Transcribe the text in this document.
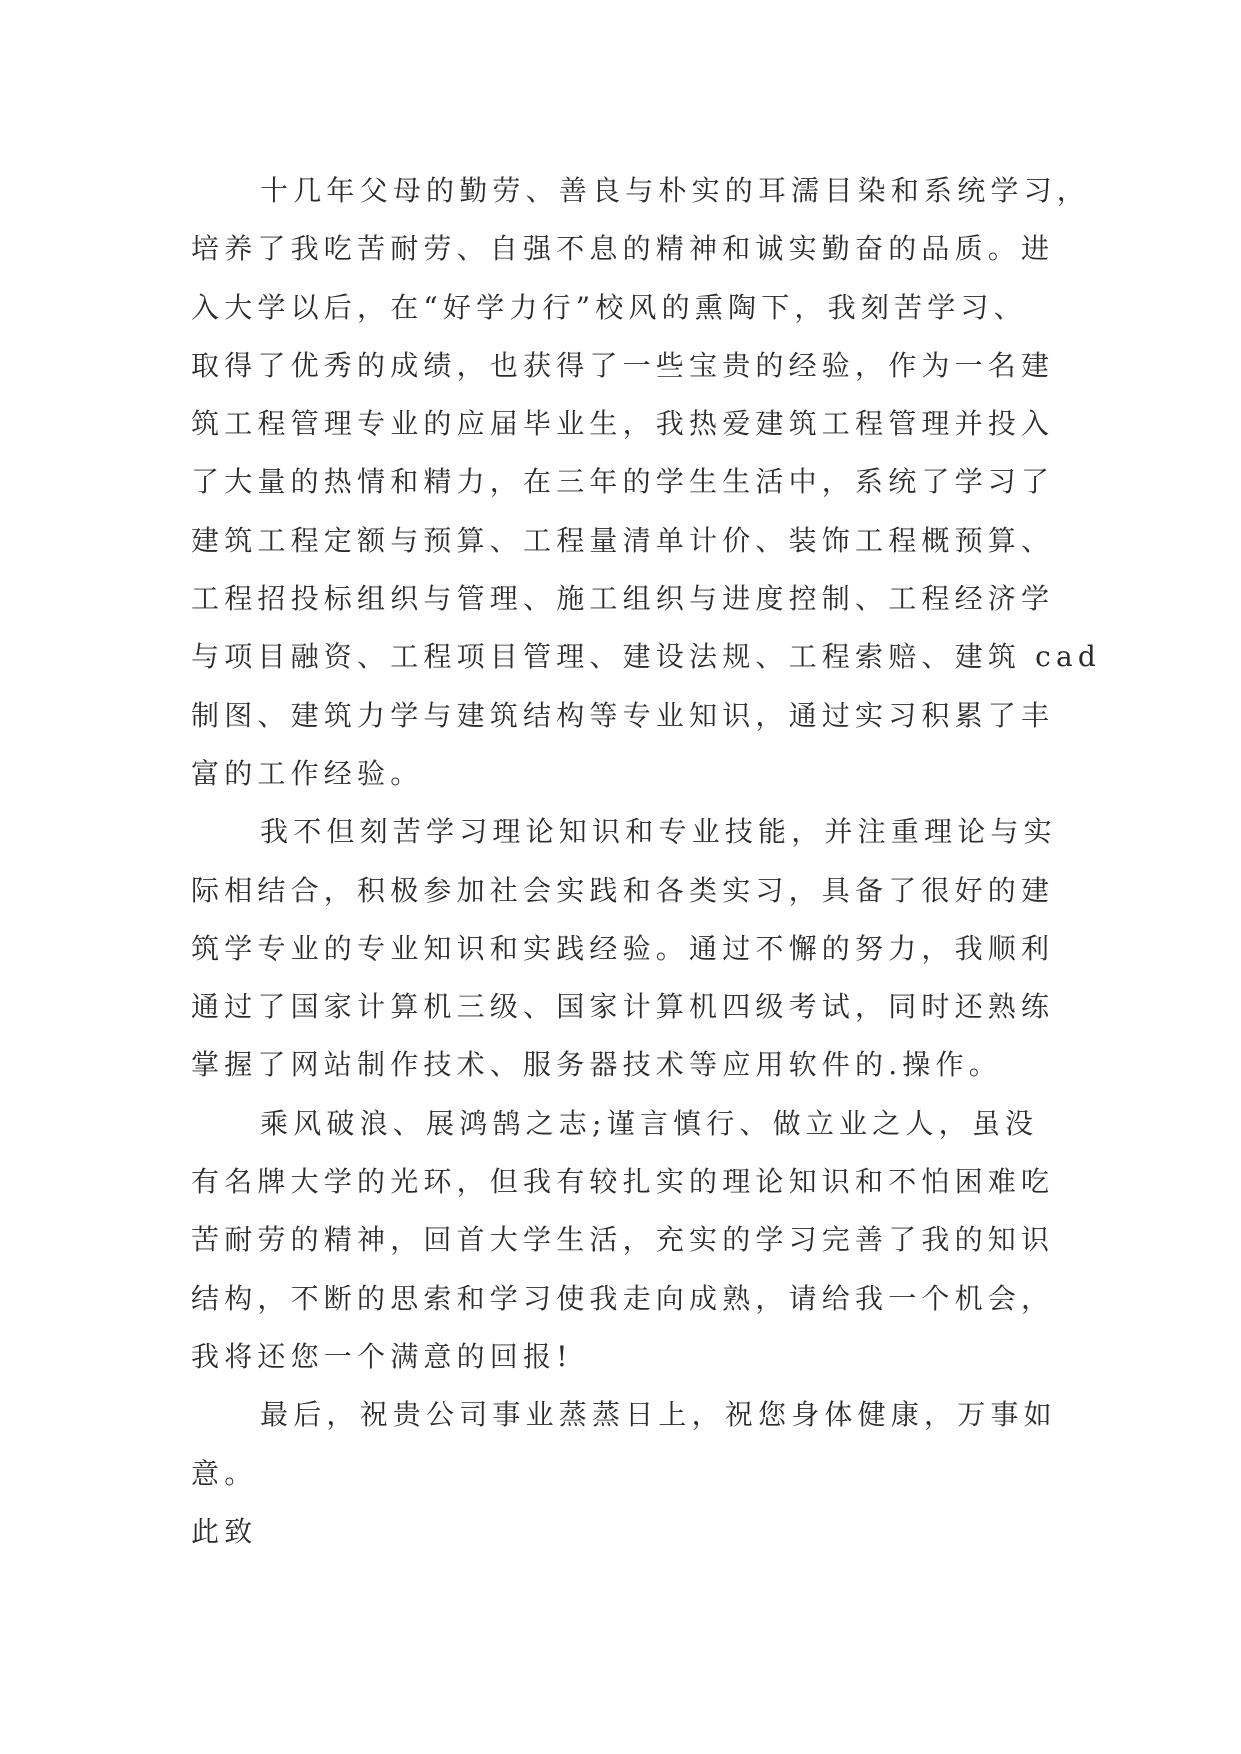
十几年父母的勤劳、善良与朴实的耳濡目染和系统学习，
培养了我吃苦耐劳、自强不息的精神和诚实勤奋的品质。进
入大学以后，在“好学力行”校风的熏陶下，我刻苦学习、
取得了优秀的成绩，也获得了一些宝贵的经验，作为一名建
筑工程管理专业的应届毕业生，我热爱建筑工程管理并投入
了大量的热情和精力，在三年的学生生活中，系统了学习了
建筑工程定额与预算、工程量清单计价、装饰工程概预算、
工程招投标组织与管理、施工组织与进度控制、工程经济学
与项目融资、工程项目管理、建设法规、工程索赔、建筑 cad
制图、建筑力学与建筑结构等专业知识，通过实习积累了丰
富的工作经验。
我不但刻苦学习理论知识和专业技能，并注重理论与实
际相结合，积极参加社会实践和各类实习，具备了很好的建
筑学专业的专业知识和实践经验。通过不懈的努力，我顺利
通过了国家计算机三级、国家计算机四级考试，同时还熟练
掌握了网站制作技术、服务器技术等应用软件的.操作。
乘风破浪、展鸿鹄之志;谨言慎行、做立业之人，虽没
有名牌大学的光环，但我有较扎实的理论知识和不怕困难吃
苦耐劳的精神，回首大学生活，充实的学习完善了我的知识
结构，不断的思索和学习使我走向成熟，请给我一个机会，
我将还您一个满意的回报!
最后，祝贵公司事业蒸蒸日上，祝您身体健康，万事如
意。
此致
